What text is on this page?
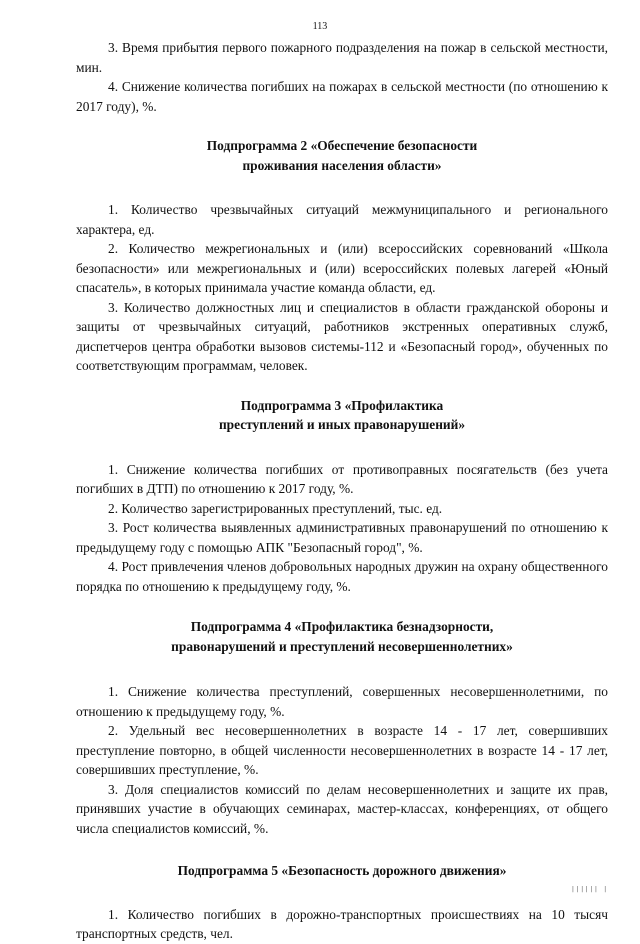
113

3. Время прибытия первого пожарного подразделения на пожар в сельской местности, мин.

4. Снижение количества погибших на пожарах в сельской местности (по отношению к 2017 году), %.

Подпрограмма 2 «Обеспечение безопасности
проживания населения области»

1. Количество чрезвычайных ситуаций межмуниципального и регионального характера, ед.

2. Количество межрегиональных и (или) всероссийских соревнований «Школа безопасности» или межрегиональных и (или) всероссийских полевых лагерей «Юный спасатель», в которых принимала участие команда области, ед.

3. Количество должностных лиц и специалистов в области гражданской обороны и защиты от чрезвычайных ситуаций, работников экстренных оперативных служб, диспетчеров центра обработки вызовов системы-112 и «Безопасный город», обученных по соответствующим программам, человек.

Подпрограмма 3 «Профилактика
преступлений и иных правонарушений»

1. Снижение количества погибших от противоправных посягательств (без учета погибших в ДТП) по отношению к 2017 году, %.

2. Количество зарегистрированных преступлений, тыс. ед.

3. Рост количества выявленных административных правонарушений по отношению к предыдущему году с помощью АПК "Безопасный город", %.

4. Рост привлечения членов добровольных народных дружин на охрану общественного порядка по отношению к предыдущему году, %.

Подпрограмма 4 «Профилактика безнадзорности,
правонарушений и преступлений несовершеннолетних»

1. Снижение количества преступлений, совершенных несовершеннолетними, по отношению к предыдущему году, %.

2. Удельный вес несовершеннолетних в возрасте 14 - 17 лет, совершивших преступление повторно, в общей численности несовершеннолетних в возрасте 14 - 17 лет, совершивших преступление, %.

3. Доля специалистов комиссий по делам несовершеннолетних и защите их прав, принявших участие в обучающих семинарах, мастер-классах, конференциях, от общего числа специалистов комиссий, %.

Подпрограмма 5 «Безопасность дорожного движения»

1. Количество погибших в дорожно-транспортных происшествиях на 10 тысяч транспортных средств, чел.

|||||| |
